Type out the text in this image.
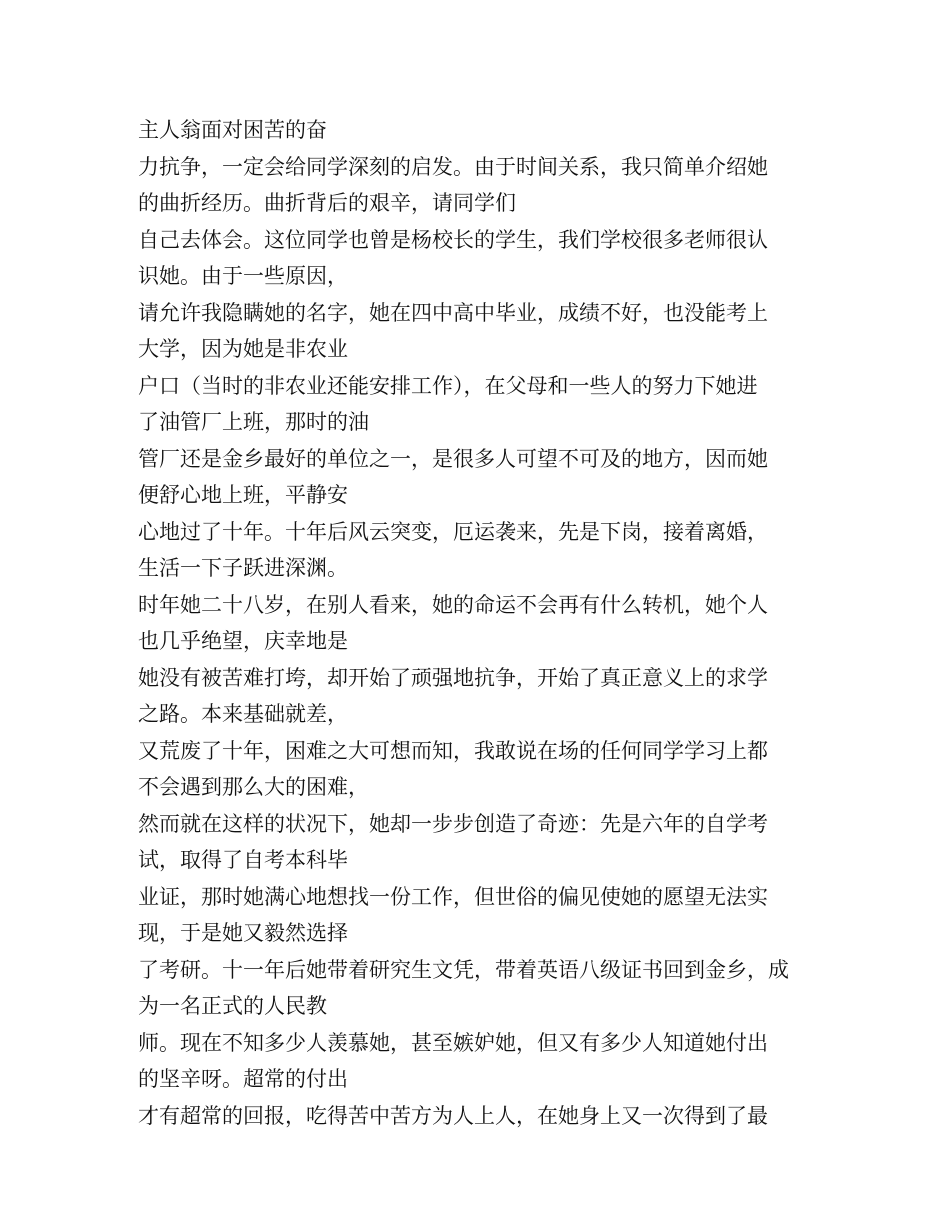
主人翁面对困苦的奋
力抗争，一定会给同学深刻的启发。由于时间关系，我只简单介绍她
的曲折经历。曲折背后的艰辛，请同学们
自己去体会。这位同学也曾是杨校长的学生，我们学校很多老师很认
识她。由于一些原因，
请允许我隐瞒她的名字，她在四中高中毕业，成绩不好，也没能考上
大学，因为她是非农业
户口（当时的非农业还能安排工作），在父母和一些人的努力下她进
了油管厂上班，那时的油
管厂还是金乡最好的单位之一，是很多人可望不可及的地方，因而她
便舒心地上班，平静安
心地过了十年。十年后风云突变，厄运袭来，先是下岗，接着离婚，
生活一下子跃进深渊。
时年她二十八岁，在别人看来，她的命运不会再有什么转机，她个人
也几乎绝望，庆幸地是
她没有被苦难打垮，却开始了顽强地抗争，开始了真正意义上的求学
之路。本来基础就差，
又荒废了十年，困难之大可想而知，我敢说在场的任何同学学习上都
不会遇到那么大的困难，
然而就在这样的状况下，她却一步步创造了奇迹：先是六年的自学考
试，取得了自考本科毕
业证，那时她满心地想找一份工作，但世俗的偏见使她的愿望无法实
现，于是她又毅然选择
了考研。十一年后她带着研究生文凭，带着英语八级证书回到金乡，成
为一名正式的人民教
师。现在不知多少人羡慕她，甚至嫉妒她，但又有多少人知道她付出
的坚辛呀。超常的付出
才有超常的回报，吃得苦中苦方为人上人，在她身上又一次得到了最
